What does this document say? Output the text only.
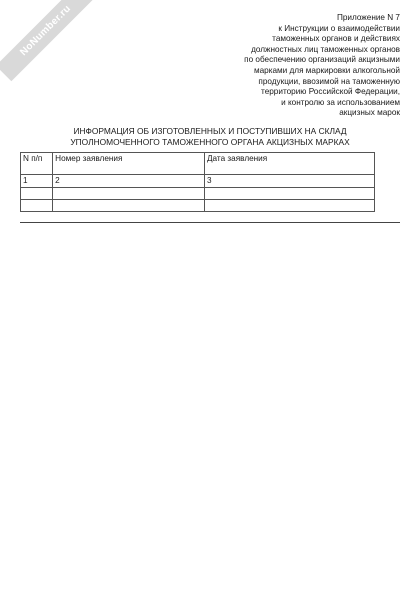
NoNumber.ru	Приложение N 7
к Инструкции о взаимодействии
таможенных органов и действиях
должностных лиц таможенных органов
по обеспечению организаций акцизными
марками для маркировки алкогольной
продукции, ввозимой на таможенную
территорию Российской Федерации,
и контролю за использованием
акцизных марок
ИНФОРМАЦИЯ ОБ ИЗГОТОВЛЕННЫХ И ПОСТУПИВШИХ НА СКЛАД
УПОЛНОМОЧЕННОГО ТАМОЖЕННОГО ОРГАНА АКЦИЗНЫХ МАРКАХ
N п/п	Номер заявления	Дата заявления
1	2	3
